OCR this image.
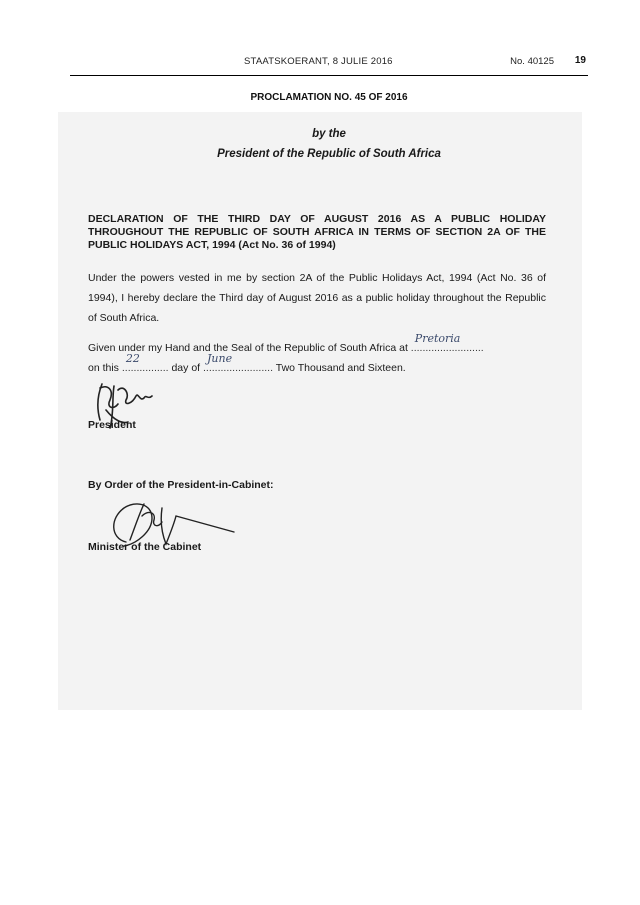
STAATSKOERANT, 8 JULIE 2016	No. 40125 19
PROCLAMATION NO. 45 OF 2016
by the
President of the Republic of South Africa
DECLARATION OF THE THIRD DAY OF AUGUST 2016 AS A PUBLIC HOLIDAY THROUGHOUT THE REPUBLIC OF SOUTH AFRICA IN TERMS OF SECTION 2A OF THE PUBLIC HOLIDAYS ACT, 1994 (Act No. 36 of 1994)
Under the powers vested in me by section 2A of the Public Holidays Act, 1994 (Act No. 36 of 1994), I hereby declare the Third day of August 2016 as a public holiday throughout the Republic of South Africa.
Given under my Hand and the Seal of the Republic of South Africa at .........................
Pretoria
on this ................
22
day of ........................
June
Two Thousand and Sixteen.
President
By Order of the President-in-Cabinet:
Minister of the Cabinet
